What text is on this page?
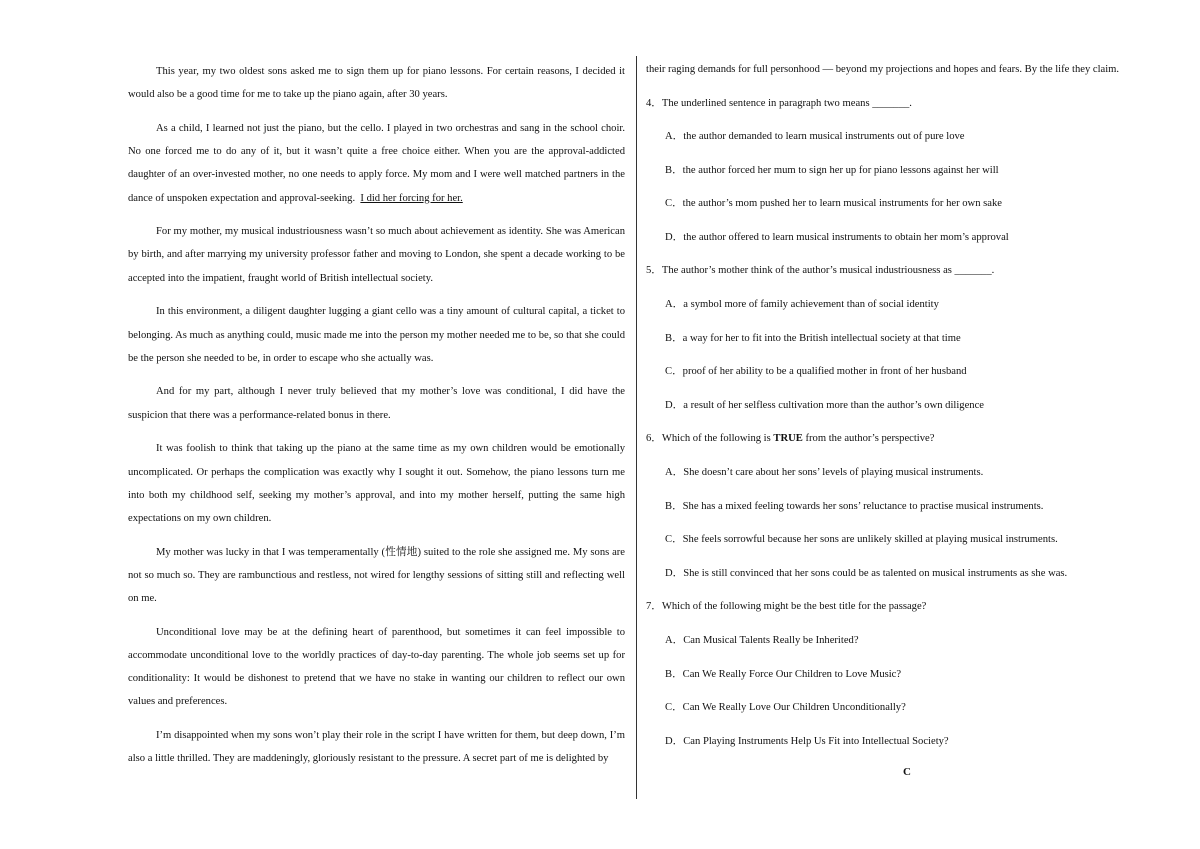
This year, my two oldest sons asked me to sign them up for piano lessons. For certain reasons, I decided it would also be a good time for me to take up the piano again, after 30 years.

As a child, I learned not just the piano, but the cello. I played in two orchestras and sang in the school choir. No one forced me to do any of it, but it wasn’t quite a free choice either. When you are the approval-addicted daughter of an over-invested mother, no one needs to apply force. My mom and I were well matched partners in the dance of unspoken expectation and approval-seeking. I did her forcing for her.

For my mother, my musical industriousness wasn’t so much about achievement as identity. She was American by birth, and after marrying my university professor father and moving to London, she spent a decade working to be accepted into the impatient, fraught world of British intellectual society.

In this environment, a diligent daughter lugging a giant cello was a tiny amount of cultural capital, a ticket to belonging. As much as anything could, music made me into the person my mother needed me to be, so that she could be the person she needed to be, in order to escape who she actually was.

And for my part, although I never truly believed that my mother’s love was conditional, I did have the suspicion that there was a performance-related bonus in there.

It was foolish to think that taking up the piano at the same time as my own children would be emotionally uncomplicated. Or perhaps the complication was exactly why I sought it out. Somehow, the piano lessons turn me into both my childhood self, seeking my mother’s approval, and into my mother herself, putting the same high expectations on my own children.

My mother was lucky in that I was temperamentally (性情地) suited to the role she assigned me. My sons are not so much so. They are rambunctious and restless, not wired for lengthy sessions of sitting still and reflecting well on me.

Unconditional love may be at the defining heart of parenthood, but sometimes it can feel impossible to accommodate unconditional love to the worldly practices of day-to-day parenting. The whole job seems set up for conditionality: It would be dishonest to pretend that we have no stake in wanting our children to reflect our own values and preferences.

I’m disappointed when my sons won’t play their role in the script I have written for them, but deep down, I’m also a little thrilled. They are maddeningly, gloriously resistant to the pressure. A secret part of me is delighted by

their raging demands for full personhood — beyond my projections and hopes and fears. By the life they claim.

4．The underlined sentence in paragraph two means _______.

A．the author demanded to learn musical instruments out of pure love

B．the author forced her mum to sign her up for piano lessons against her will

C．the author’s mom pushed her to learn musical instruments for her own sake

D．the author offered to learn musical instruments to obtain her mom’s approval

5．The author’s mother think of the author’s musical industriousness as _______.

A．a symbol more of family achievement than of social identity

B．a way for her to fit into the British intellectual society at that time

C．proof of her ability to be a qualified mother in front of her husband

D．a result of her selfless cultivation more than the author’s own diligence

6．Which of the following is TRUE from the author’s perspective?

A．She doesn’t care about her sons’ levels of playing musical instruments.

B．She has a mixed feeling towards her sons’ reluctance to practise musical instruments.

C．She feels sorrowful because her sons are unlikely skilled at playing musical instruments.

D．She is still convinced that her sons could be as talented on musical instruments as she was.

7．Which of the following might be the best title for the passage?

A．Can Musical Talents Really be Inherited?

B．Can We Really Force Our Children to Love Music?

C．Can We Really Love Our Children Unconditionally?

D．Can Playing Instruments Help Us Fit into Intellectual Society?

C
